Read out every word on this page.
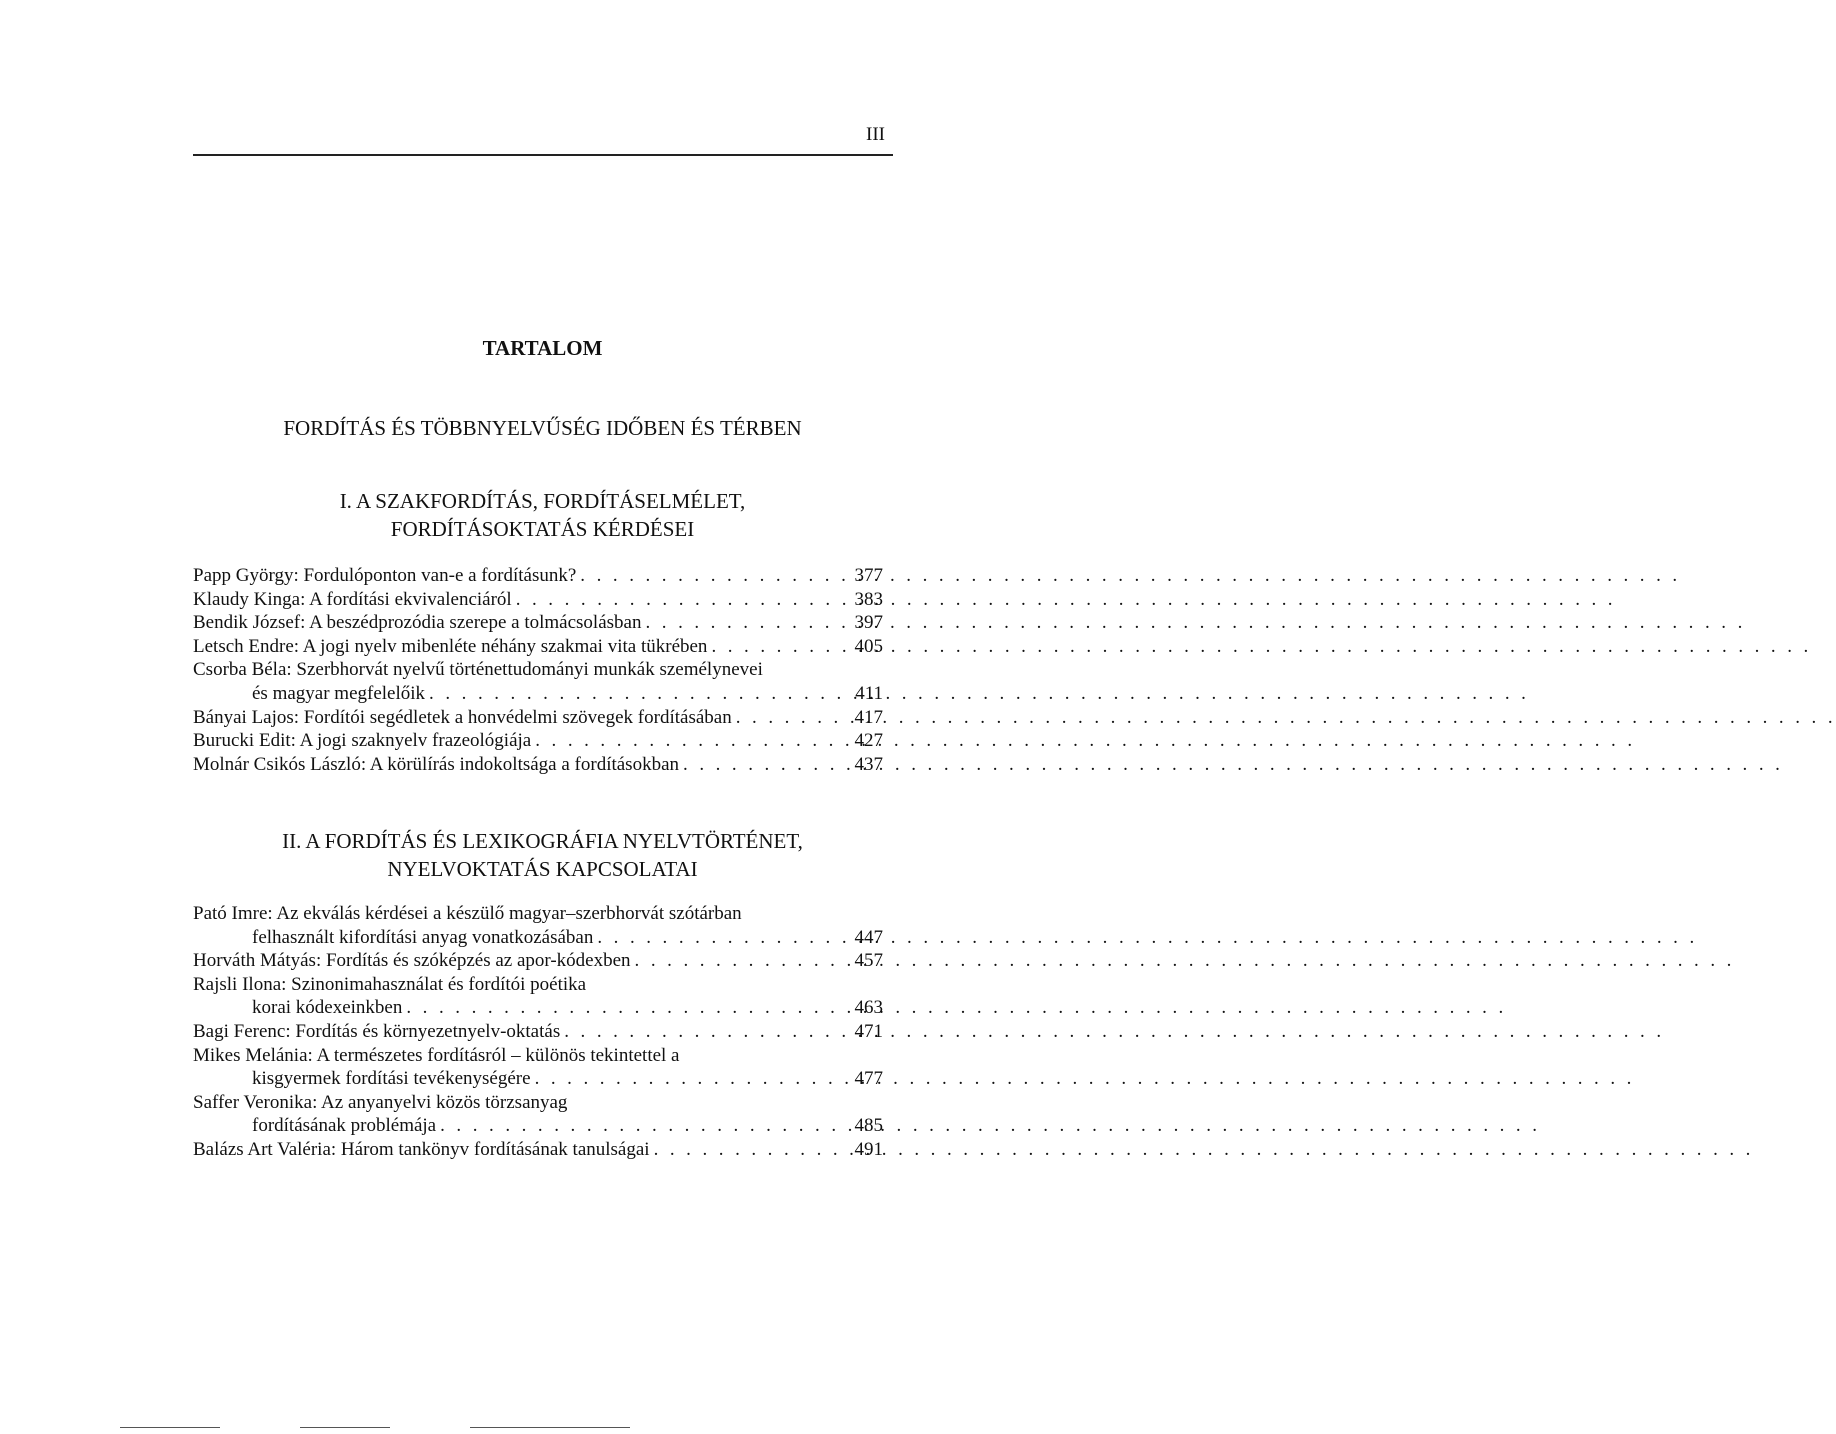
III
TARTALOM
FORDÍTÁS ÉS TÖBBNYELVŰSÉG IDŐBEN ÉS TÉRBEN
I. A SZAKFORDÍTÁS, FORDÍTÁSELMÉLET,
FORDÍTÁSOKTATÁS KÉRDÉSEI
Papp György: Fordulóponton van-e a fordításunk? . . .	377
Klaudy Kinga: A fordítási ekvivalenciáról . . .	383
Bendik József: A beszédprozódia szerepe a tolmácsolásban . . .	397
Letsch Endre: A jogi nyelv mibenléte néhány szakmai vita tükrében . . .	405
Csorba Béla: Szerbhorvát nyelvű történettudományi munkák személynevei
és magyar megfelelőik . . .	411
Bányai Lajos: Fordítói segédletek a honvédelmi szövegek fordításában . . .	417
Burucki Edit: A jogi szaknyelv frazeológiája . . .	427
Molnár Csikós László: A körülírás indokoltsága a fordításokban . . .	437
II. A FORDÍTÁS ÉS LEXIKOGRÁFIA NYELVTÖRTÉNET,
NYELVOKTATÁS KAPCSOLATAI
Pató Imre: Az ekválás kérdései a készülő magyar–szerbhorvát szótárban
felhasznált kifordítási anyag vonatkozásában . . .	447
Horváth Mátyás: Fordítás és szóképzés az apor-kódexben . . .	457
Rajsli Ilona: Szinonimahasználat és fordítói poétika
korai kódexeinkben . . .	463
Bagi Ferenc: Fordítás és környezetnyelv-oktatás . . .	471
Mikes Melánia: A természetes fordításról – különös tekintettel a
kisgyermek fordítási tevékenységére . . .	477
Saffer Veronika: Az anyanyelvi közös törzsanyag
fordításának problémája . . .	485
Balázs Art Valéria: Három tankönyv fordításának tanulságai . . .	491
